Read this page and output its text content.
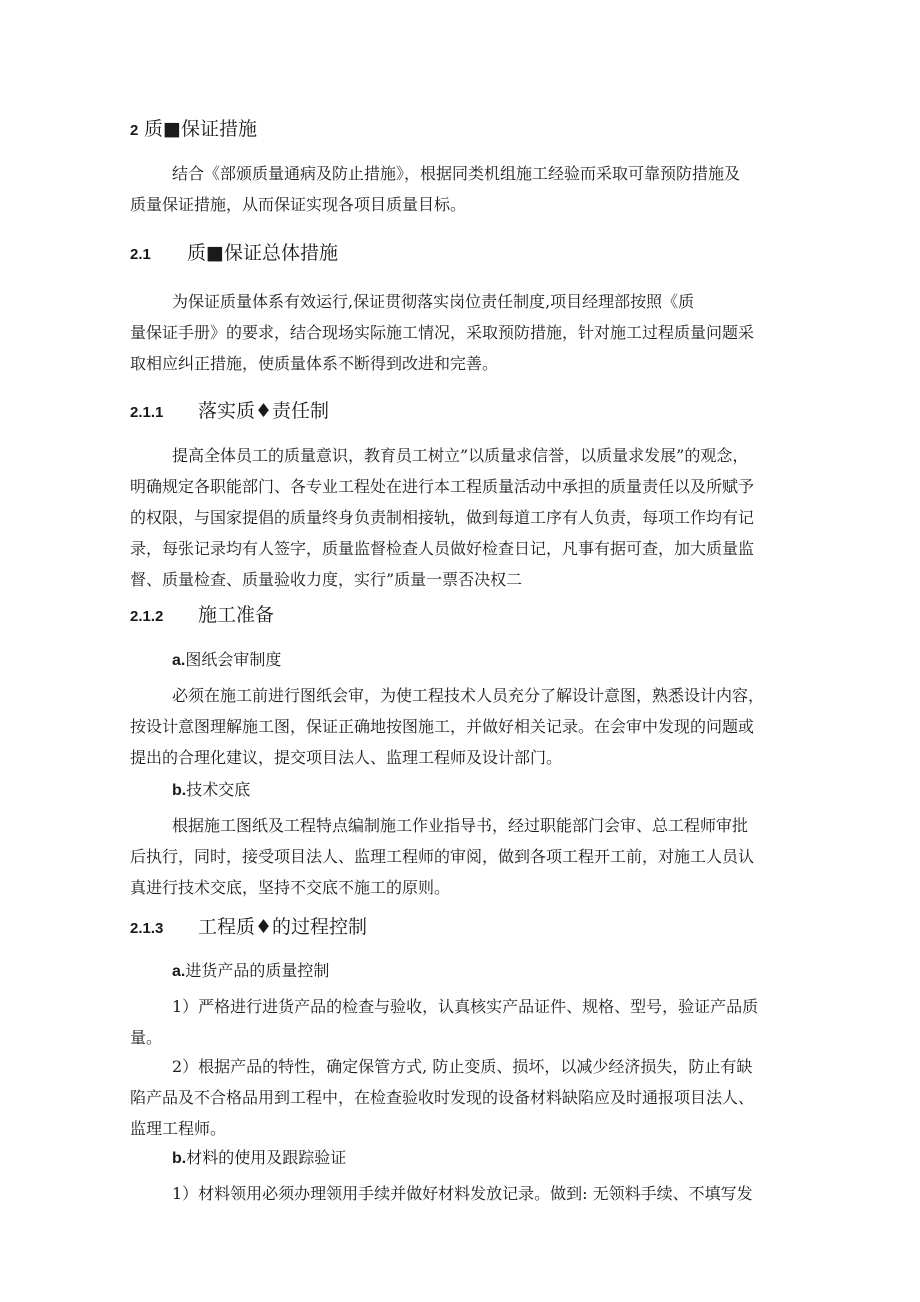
2 质■保证措施
结合《部颁质量通病及防止措施》，根据同类机组施工经验而采取可靠预防措施及
质量保证措施，从而保证实现各项目质量目标。
2.1 质■保证总体措施
为保证质量体系有效运行,保证贯彻落实岗位责任制度,项目经理部按照《质
量保证手册》的要求，结合现场实际施工情况，采取预防措施，针对施工过程质量问题采
取相应纠正措施，使质量体系不断得到改进和完善。
2.1.1 落实质♦责任制
提高全体员工的质量意识，教育员工树立”以质量求信誉，以质量求发展”的观念，
明确规定各职能部门、各专业工程处在进行本工程质量活动中承担的质量责任以及所赋予
的权限，与国家提倡的质量终身负责制相接轨，做到每道工序有人负责，每项工作均有记
录，每张记录均有人签字，质量监督检查人员做好检查日记，凡事有据可查，加大质量监
督、质量检查、质量验收力度，实行”质量一票否决权二
2.1.2 施工准备
a.图纸会审制度
必须在施工前进行图纸会审，为使工程技术人员充分了解设计意图，熟悉设计内容，
按设计意图理解施工图，保证正确地按图施工，并做好相关记录。在会审中发现的问题或
提出的合理化建议，提交项目法人、监理工程师及设计部门。
b.技术交底
根据施工图纸及工程特点编制施工作业指导书，经过职能部门会审、总工程师审批
后执行，同时，接受项目法人、监理工程师的审阅，做到各项工程开工前，对施工人员认
真进行技术交底，坚持不交底不施工的原则。
2.1.3 工程质♦的过程控制
a.进货产品的质量控制
1）严格进行进货产品的检查与验收，认真核实产品证件、规格、型号，验证产品质
量。
2）根据产品的特性，确定保管方式, 防止变质、损坏，以减少经济损失，防止有缺
陷产品及不合格品用到工程中，在检查验收时发现的设备材料缺陷应及时通报项目法人、
监理工程师。
b.材料的使用及跟踪验证
1）材料领用必须办理领用手续并做好材料发放记录。做到: 无领料手续、不填写发
